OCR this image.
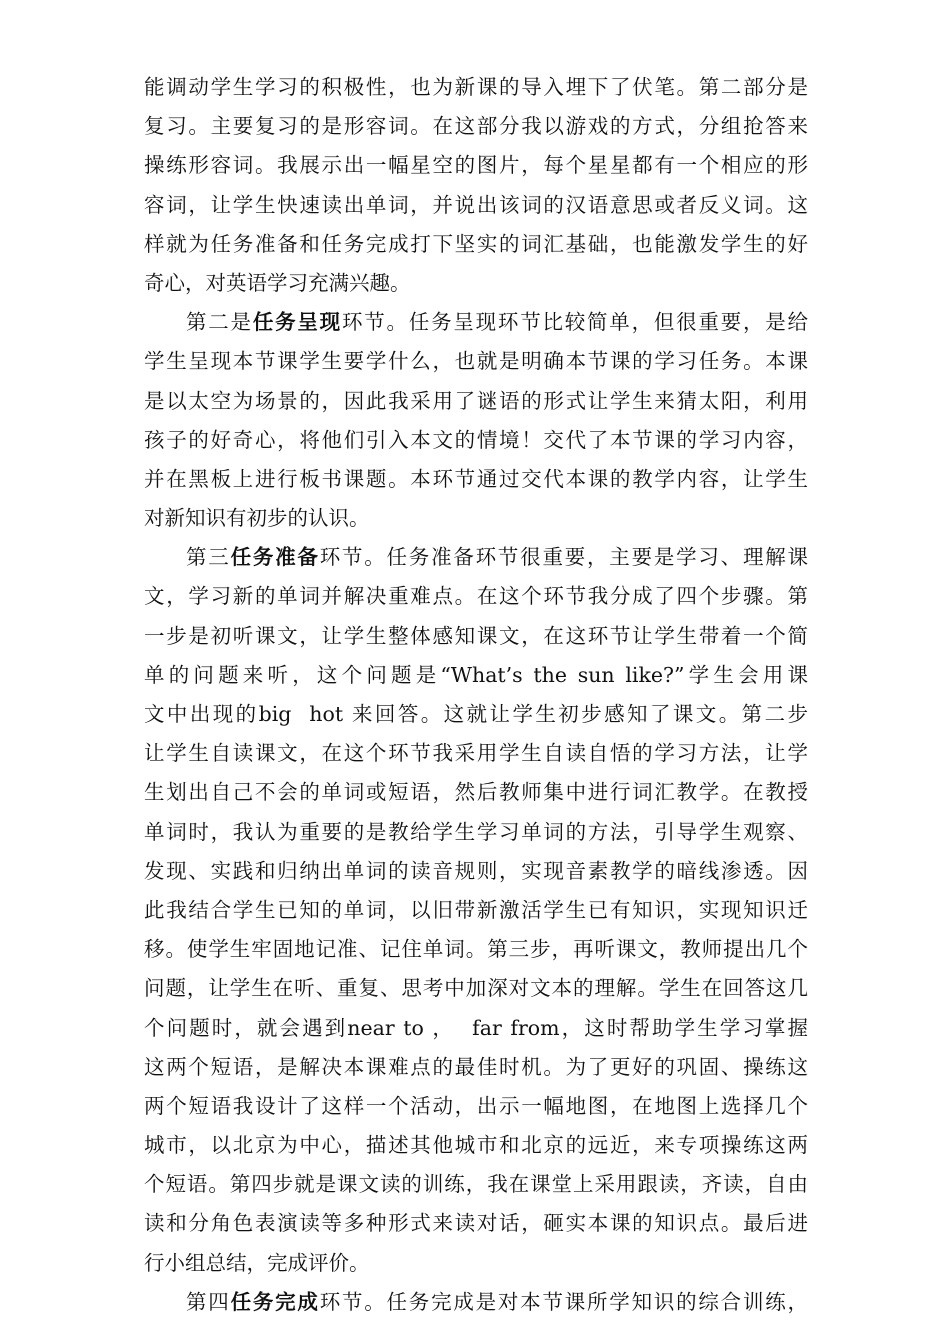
能调动学生学习的积极性，也为新课的导入埋下了伏笔。第二部分是
复习。主要复习的是形容词。在这部分我以游戏的方式，分组抢答来
操练形容词。我展示出一幅星空的图片，每个星星都有一个相应的形
容词，让学生快速读出单词，并说出该词的汉语意思或者反义词。这
样就为任务准备和任务完成打下坚实的词汇基础，也能激发学生的好
奇心，对英语学习充满兴趣。
第二是任务呈现环节。任务呈现环节比较简单，但很重要，是给
学生呈现本节课学生要学什么，也就是明确本节课的学习任务。本课
是以太空为场景的，因此我采用了谜语的形式让学生来猜太阳，利用
孩子的好奇心，将他们引入本文的情境！交代了本节课的学习内容，
并在黑板上进行板书课题。本环节通过交代本课的教学内容，让学生
对新知识有初步的认识。
第三任务准备环节。任务准备环节很重要，主要是学习、理解课
文，学习新的单词并解决重难点。在这个环节我分成了四个步骤。第
一步是初听课文，让学生整体感知课文，在这环节让学生带着一个简
单的问题来听，这个问题是“What’s the sun like?”学生会用课
文中出现的big  hot 来回答。这就让学生初步感知了课文。第二步
让学生自读课文，在这个环节我采用学生自读自悟的学习方法，让学
生划出自己不会的单词或短语，然后教师集中进行词汇教学。在教授
单词时，我认为重要的是教给学生学习单词的方法，引导学生观察、
发现、实践和归纳出单词的读音规则，实现音素教学的暗线渗透。因
此我结合学生已知的单词，以旧带新激活学生已有知识，实现知识迁
移。使学生牢固地记准、记住单词。第三步，再听课文，教师提出几个
问题，让学生在听、重复、思考中加深对文本的理解。学生在回答这几
个问题时，就会遇到near to ，  far from，这时帮助学生学习掌握
这两个短语，是解决本课难点的最佳时机。为了更好的巩固、操练这
两个短语我设计了这样一个活动，出示一幅地图，在地图上选择几个
城市，以北京为中心，描述其他城市和北京的远近，来专项操练这两
个短语。第四步就是课文读的训练，我在课堂上采用跟读，齐读，自由
读和分角色表演读等多种形式来读对话，砸实本课的知识点。最后进
行小组总结，完成评价。
第四任务完成环节。任务完成是对本节课所学知识的综合训练，
